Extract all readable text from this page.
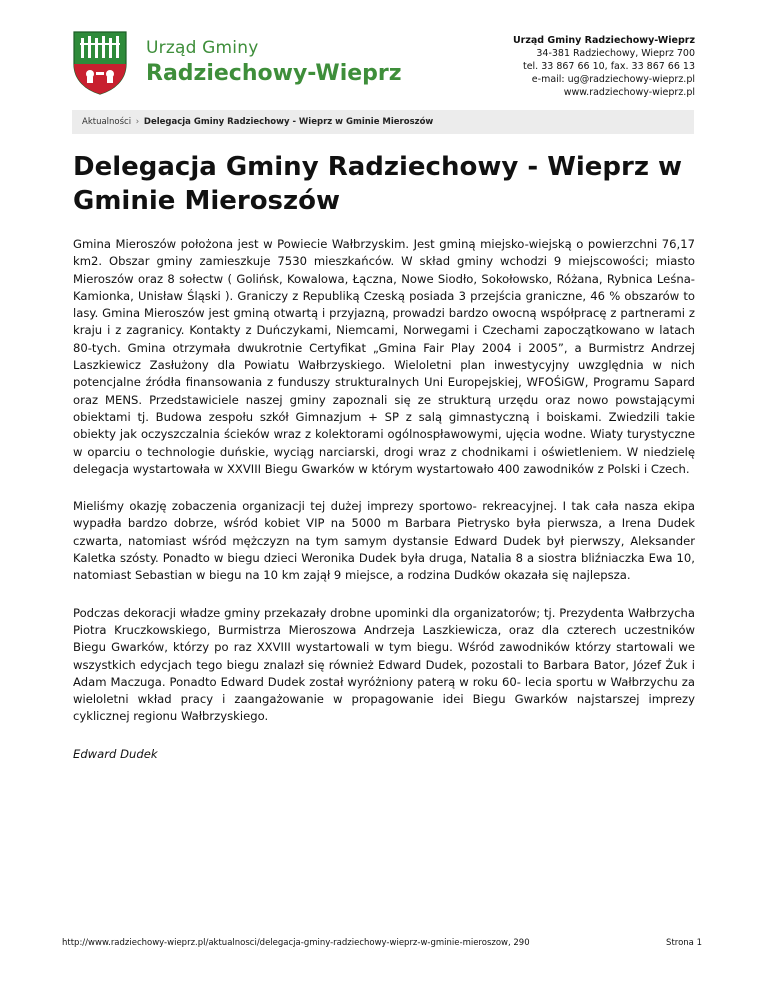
Urząd Gminy
Radziechowy-Wieprz
Urząd Gminy Radziechowy-Wieprz
34-381 Radziechowy, Wieprz 700
tel. 33 867 66 10, fax. 33 867 66 13
e-mail: ug@radziechowy-wieprz.pl
www.radziechowy-wieprz.pl
Aktualności › Delegacja Gminy Radziechowy - Wieprz w Gminie Mieroszów
Delegacja Gminy Radziechowy - Wieprz w Gminie Mieroszów

Gmina Mieroszów położona jest w Powiecie Wałbrzyskim. Jest gminą miejsko-wiejską o powierzchni 76,17 km2. Obszar gminy zamieszkuje 7530 mieszkańców. W skład gminy wchodzi 9 miejscowości; miasto Mieroszów oraz 8 sołectw ( Golińsk, Kowalowa, Łączna, Nowe Siodło, Sokołowsko, Różana, Rybnica Leśna-Kamionka, Unisław Śląski ). Graniczy z Republiką Czeską posiada 3 przejścia graniczne, 46 % obszarów to lasy. Gmina Mieroszów jest gminą otwartą i przyjazną, prowadzi bardzo owocną współpracę z partnerami z kraju i z zagranicy. Kontakty z Duńczykami, Niemcami, Norwegami i Czechami zapoczątkowano w latach 80-tych. Gmina otrzymała dwukrotnie Certyfikat „Gmina Fair Play 2004 i 2005”, a Burmistrz Andrzej Laszkiewicz Zasłużony dla Powiatu Wałbrzyskiego. Wieloletni plan inwestycyjny uwzględnia w nich potencjalne źródła finansowania z funduszy strukturalnych Uni Europejskiej, WFOŚiGW, Programu Sapard oraz MENS. Przedstawiciele naszej gminy zapoznali się ze strukturą urzędu oraz nowo powstającymi obiektami tj. Budowa zespołu szkół Gimnazjum + SP z salą gimnastyczną i boiskami. Zwiedzili takie obiekty jak oczyszczalnia ścieków wraz z kolektorami ogólnospławowymi, ujęcia wodne. Wiaty turystyczne w oparciu o technologie duńskie, wyciąg narciarski, drogi wraz z chodnikami i oświetleniem. W niedzielę delegacja wystartowała w XXVIII Biegu Gwarków w którym wystartowało 400 zawodników z Polski i Czech.

Mieliśmy okazję zobaczenia organizacji tej dużej imprezy sportowo- rekreacyjnej. I tak cała nasza ekipa wypadła bardzo dobrze, wśród kobiet VIP na 5000 m Barbara Pietrysko była pierwsza, a Irena Dudek czwarta, natomiast wśród mężczyzn na tym samym dystansie Edward Dudek był pierwszy, Aleksander Kaletka szósty. Ponadto w biegu dzieci Weronika Dudek była druga, Natalia 8 a siostra bliźniaczka Ewa 10, natomiast Sebastian w biegu na 10 km zajął 9 miejsce, a rodzina Dudków okazała się najlepsza.

Podczas dekoracji władze gminy przekazały drobne upominki dla organizatorów; tj. Prezydenta Wałbrzycha Piotra Kruczkowskiego, Burmistrza Mieroszowa Andrzeja Laszkiewicza, oraz dla czterech uczestników Biegu Gwarków, którzy po raz XXVIII wystartowali w tym biegu. Wśród zawodników którzy startowali we wszystkich edycjach tego biegu znalazł się również Edward Dudek, pozostali to Barbara Bator, Józef Żuk i Adam Maczuga. Ponadto Edward Dudek został wyróżniony paterą w roku 60- lecia sportu w Wałbrzychu za wieloletni wkład pracy i zaangażowanie w propagowanie idei Biegu Gwarków najstarszej imprezy cyklicznej regionu Wałbrzyskiego.

Edward Dudek

http://www.radziechowy-wieprz.pl/aktualnosci/delegacja-gminy-radziechowy-wieprz-w-gminie-mieroszow, 290	Strona 1
